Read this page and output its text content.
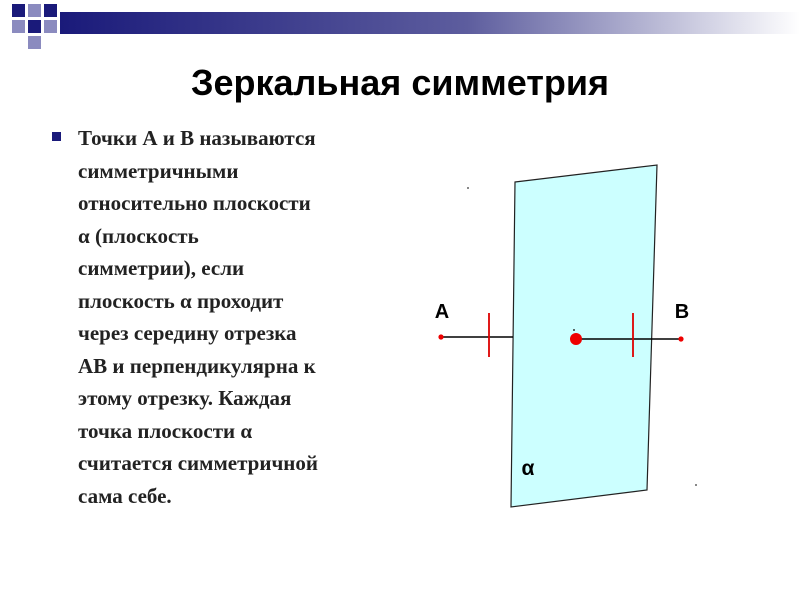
Зеркальная симметрия
Точки А и В называются
симметричными
относительно плоскости
α (плоскость
симметрии), если
плоскость α проходит
через середину отрезка
АВ и перпендикулярна к
этому отрезку. Каждая
точка плоскости α
считается симметричной
сама себе.
А	В
α
